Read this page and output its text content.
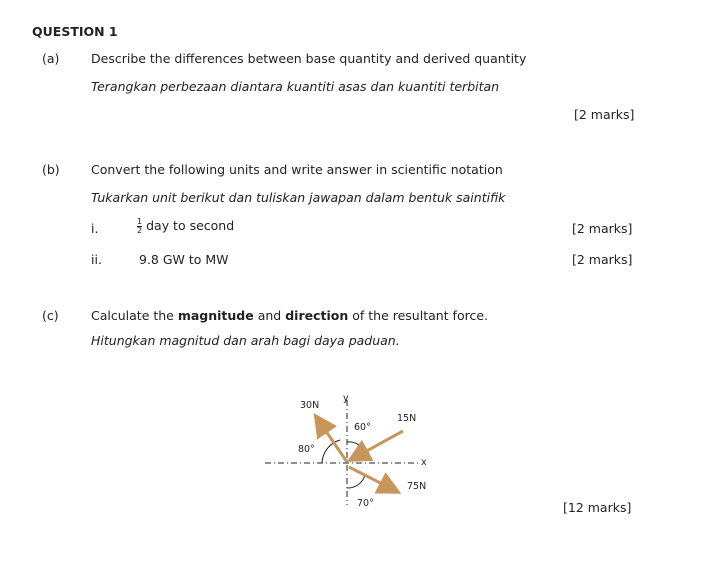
QUESTION 1
(a)	Describe the differences between base quantity and derived quantity
Terangkan perbezaan diantara kuantiti asas dan kuantiti terbitan
[2 marks]
(b)	Convert the following units and write answer in scientific notation
Tukarkan unit berikut dan tuliskan jawapan dalam bentuk saintifik
i.	$\frac{1}{2}$ day to second	[2 marks]
ii.	9.8 GW to MW	[2 marks]
(c)	Calculate the magnitude and direction of the resultant force.
Hitungkan magnitud dan arah bagi daya paduan.
[12 marks]
30N
y
15N
60°
80°
x
75N
70°
